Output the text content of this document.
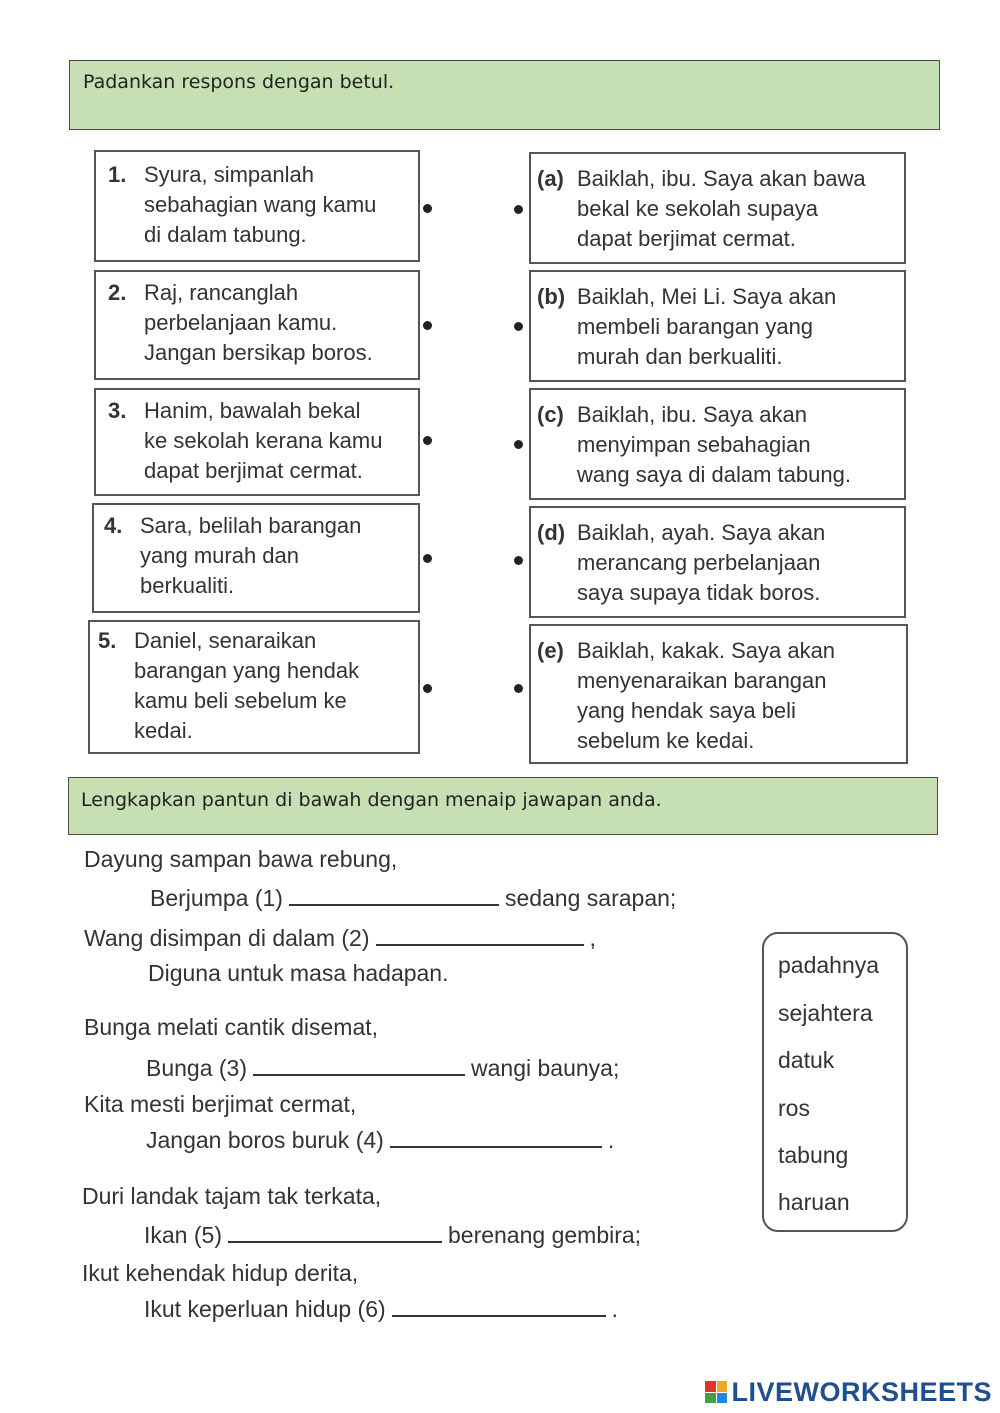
Padankan respons dengan betul.
1. Syura, simpanlah
sebahagian wang kamu
di dalam tabung.
2. Raj, rancanglah
perbelanjaan kamu.
Jangan bersikap boros.
3. Hanim, bawalah bekal
ke sekolah kerana kamu
dapat berjimat cermat.
4. Sara, belilah barangan
yang murah dan
berkualiti.
5. Daniel, senaraikan
barangan yang hendak
kamu beli sebelum ke
kedai.
(a) Baiklah, ibu. Saya akan bawa
bekal ke sekolah supaya
dapat berjimat cermat.
(b) Baiklah, Mei Li. Saya akan
membeli barangan yang
murah dan berkualiti.
(c) Baiklah, ibu. Saya akan
menyimpan sebahagian
wang saya di dalam tabung.
(d) Baiklah, ayah. Saya akan
merancang perbelanjaan
saya supaya tidak boros.
(e) Baiklah, kakak. Saya akan
menyenaraikan barangan
yang hendak saya beli
sebelum ke kedai.
Lengkapkan pantun di bawah dengan menaip jawapan anda.
Dayung sampan bawa rebung,
Berjumpa (1)	sedang sarapan;
Wang disimpan di dalam (2)	,
Diguna untuk masa hadapan.
Bunga melati cantik disemat,
Bunga (3)	wangi baunya;
Kita mesti berjimat cermat,
Jangan boros buruk (4)	.
Duri landak tajam tak terkata,
Ikan (5)	berenang gembira;
Ikut kehendak hidup derita,
Ikut keperluan hidup (6)	.
padahnya
sejahtera
datuk
ros
tabung
haruan
LIVEWORKSHEETS
